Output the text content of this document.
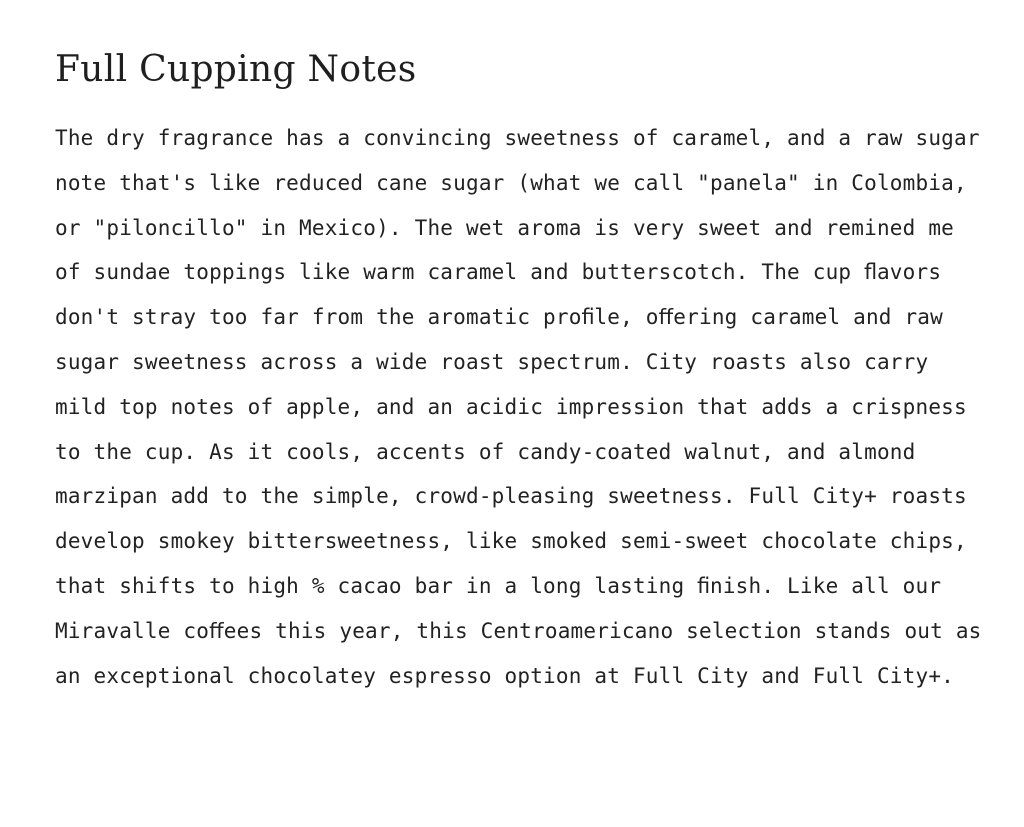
Full Cupping Notes

The dry fragrance has a convincing sweetness of caramel, and a raw sugar note that's like reduced cane sugar (what we call "panela" in Colombia, or "piloncillo" in Mexico). The wet aroma is very sweet and remined me of sundae toppings like warm caramel and butterscotch. The cup ﬂavors don't stray too far from the aromatic proﬁle, oﬀering caramel and raw sugar sweetness across a wide roast spectrum. City roasts also carry mild top notes of apple, and an acidic impression that adds a crispness to the cup. As it cools, accents of candy-coated walnut, and almond marzipan add to the simple, crowd-pleasing sweetness. Full City+ roasts develop smokey bittersweetness, like smoked semi-sweet chocolate chips, that shifts to high % cacao bar in a long lasting ﬁnish. Like all our Miravalle coﬀees this year, this Centroamericano selection stands out as an exceptional chocolatey espresso option at Full City and Full City+.
